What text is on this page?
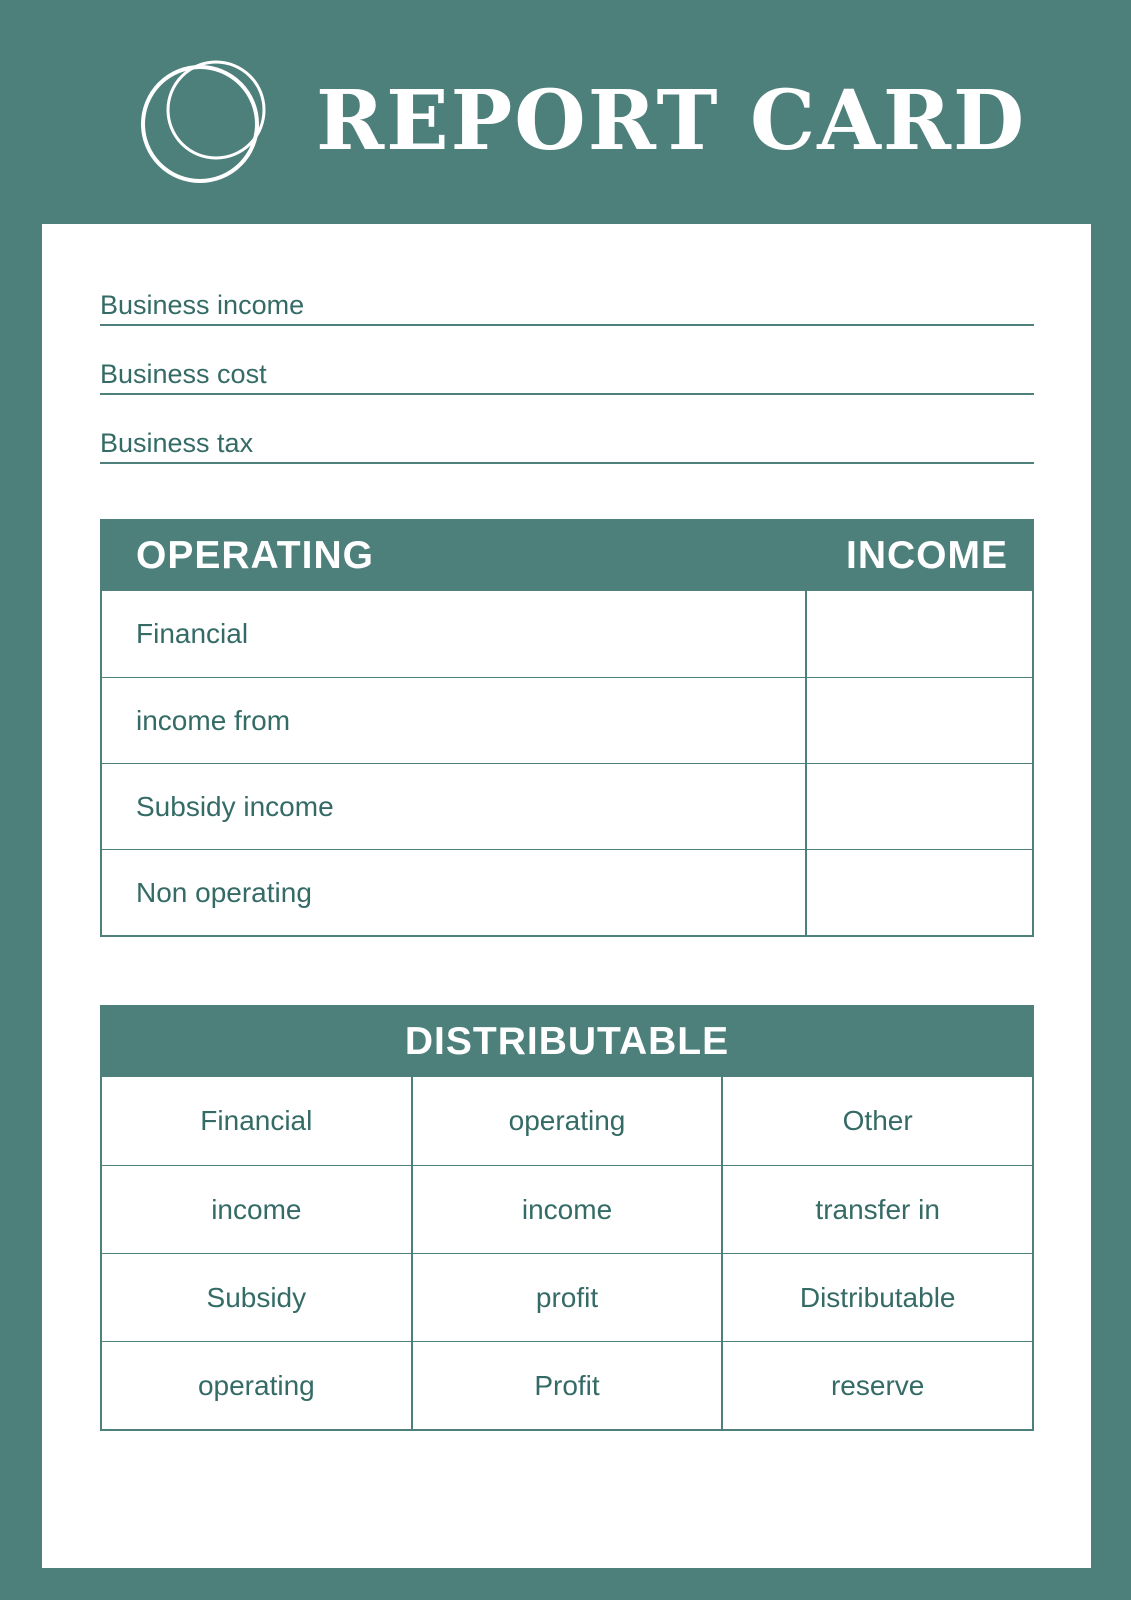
REPORT CARD
Business income
Business cost
Business tax
OPERATING	INCOME
Financial
income from
Subsidy income
Non operating
DISTRIBUTABLE
Financial	operating	Other
income	income	transfer in
Subsidy	profit	Distributable
operating	Profit	reserve
